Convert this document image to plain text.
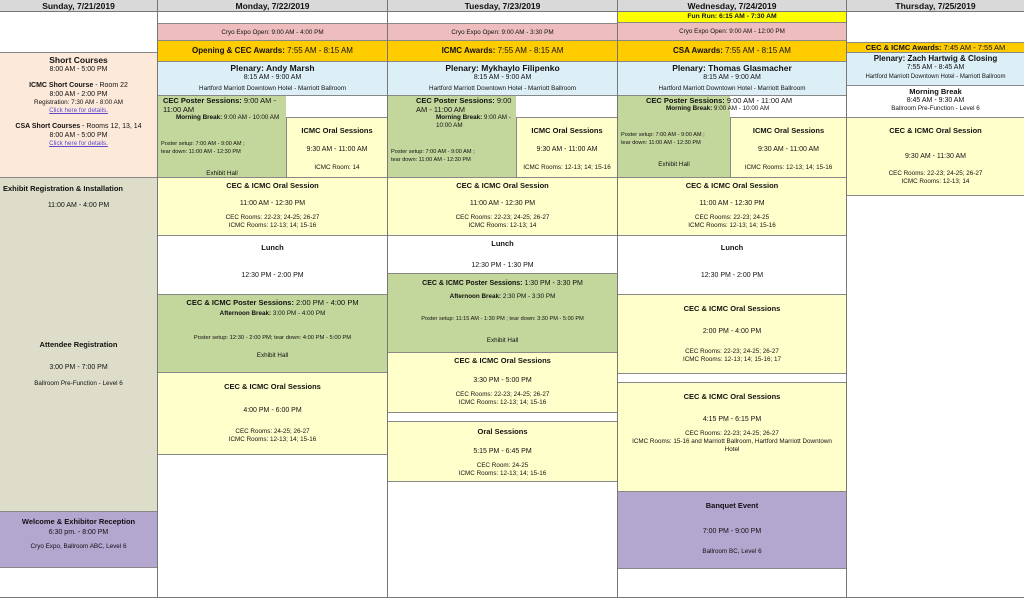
Sunday, 7/21/2019	Monday, 7/22/2019	Tuesday, 7/23/2019	Wednesday, 7/24/2019	Thursday, 7/25/2019
Short Courses
8:00 AM - 5:00 PM
ICMC Short Course - Room 22
8:00 AM - 2:00 PM
Registration: 7:30 AM - 8:00 AM
Click here for details.
CSA Short Courses - Rooms 12, 13, 14
8:00 AM - 5:00 PM
Click here for details.
Exhibit Registration & Installation
11:00 AM - 4:00 PM
Attendee Registration
3:00 PM - 7:00 PM
Ballroom Pre-Function - Level 6
Welcome & Exhibitor Reception
6:30 pm. - 8:00 PM
Cryo Expo, Ballroom ABC, Level 6
Cryo Expo Open: 9:00 AM - 4:00 PM
Opening & CEC Awards: 7:55 AM - 8:15 AM
Plenary: Andy Marsh
8:15 AM - 9:00 AM
Hartford Marriott Downtown Hotel - Marriott Ballroom
CEC Poster Sessions: 9:00 AM - 11:00 AM
Morning Break: 9:00 AM - 10:00 AM
Poster setup: 7:00 AM - 9:00 AM ;
tear down: 11:00 AM - 12:30 PM
Exhibit Hall
ICMC Oral Sessions
9:30 AM - 11:00 AM
ICMC Room: 14
CEC & ICMC Oral Session
11:00 AM - 12:30 PM
CEC Rooms: 22-23; 24-25; 26-27
ICMC Rooms: 12-13; 14; 15-16
Lunch
12:30 PM - 2:00 PM
CEC & ICMC Poster Sessions: 2:00 PM - 4:00 PM
Afternoon Break: 3:00 PM - 4:00 PM
Poster setup: 12:30 - 2:00 PM; tear down: 4:00 PM - 5:00 PM
Exhibit Hall
CEC & ICMC Oral Sessions
4:00 PM - 6:00 PM
CEC Rooms: 24-25; 26-27
ICMC Rooms: 12-13; 14; 15-16
Cryo Expo Open: 9:00 AM - 3:30 PM
ICMC Awards: 7:55 AM - 8:15 AM
Plenary: Mykhaylo Filipenko
8:15 AM - 9:00 AM
Hartford Marriott Downtown Hotel - Marriott Ballroom
CEC Poster Sessions: 9:00 AM - 11:00 AM
Morning Break: 9:00 AM - 10:00 AM
Poster setup: 7:00 AM - 9:00 AM ;
tear down: 11:00 AM - 12:30 PM
ICMC Oral Sessions
9:30 AM - 11:00 AM
ICMC Rooms: 12-13; 14; 15-16
CEC & ICMC Oral Session
11:00 AM - 12:30 PM
CEC Rooms: 22-23; 24-25; 26-27
ICMC Rooms: 12-13; 14
Lunch
12:30 PM - 1:30 PM
CEC & ICMC Poster Sessions: 1:30 PM - 3:30 PM
Afternoon Break: 2:30 PM - 3:30 PM
Poster setup: 11:15 AM - 1:30 PM ; tear down: 3:30 PM - 5:00 PM
Exhibit Hall
CEC & ICMC Oral Sessions
3:30 PM - 5:00 PM
CEC Rooms: 22-23; 24-25; 26-27
ICMC Rooms: 12-13; 14; 15-16
Oral Sessions
5:15 PM - 6:45 PM
CEC Room: 24-25
ICMC Rooms: 12-13; 14; 15-16
Fun Run: 6:15 AM - 7:30 AM
Cryo Expo Open: 9:00 AM - 12:00 PM
CSA Awards: 7:55 AM - 8:15 AM
Plenary: Thomas Glasmacher
8:15 AM - 9:00 AM
Hartford Marriott Downtown Hotel - Marriott Ballroom
CEC Poster Sessions: 9:00 AM - 11:00 AM
Morning Break: 9:00 AM - 10:00 AM
Poster setup: 7:00 AM - 9:00 AM ;
tear down: 11:00 AM - 12:30 PM
Exhibit Hall
ICMC Oral Sessions
9:30 AM - 11:00 AM
ICMC Rooms: 12-13; 14; 15-16
CEC & ICMC Oral Session
11:00 AM - 12:30 PM
CEC Rooms: 22-23; 24-25
ICMC Rooms: 12-13; 14; 15-16
Lunch
12:30 PM - 2:00 PM
CEC & ICMC Oral Sessions
2:00 PM - 4:00 PM
CEC Rooms: 22-23; 24-25; 26-27
ICMC Rooms: 12-13; 14; 15-16; 17
CEC & ICMC Oral Sessions
4:15 PM - 6:15 PM
CEC Rooms: 22-23; 24-25; 26-27
ICMC Rooms: 15-16 and Marriott Ballroom, Hartford Marriott Downtown Hotel
Banquet Event
7:00 PM - 9:00 PM
Ballroom BC, Level 6
CEC & ICMC Awards: 7:45 AM - 7:55 AM
Plenary: Zach Hartwig & Closing
7:55 AM - 8:45 AM
Hartford Marriott Downtown Hotel - Marriott Ballroom
Morning Break
8:45 AM - 9:30 AM
Ballroom Pre-Function - Level 6
CEC & ICMC Oral Session
9:30 AM - 11:30 AM
CEC Rooms: 22-23; 24-25; 26-27
ICMC Rooms: 12-13; 14
